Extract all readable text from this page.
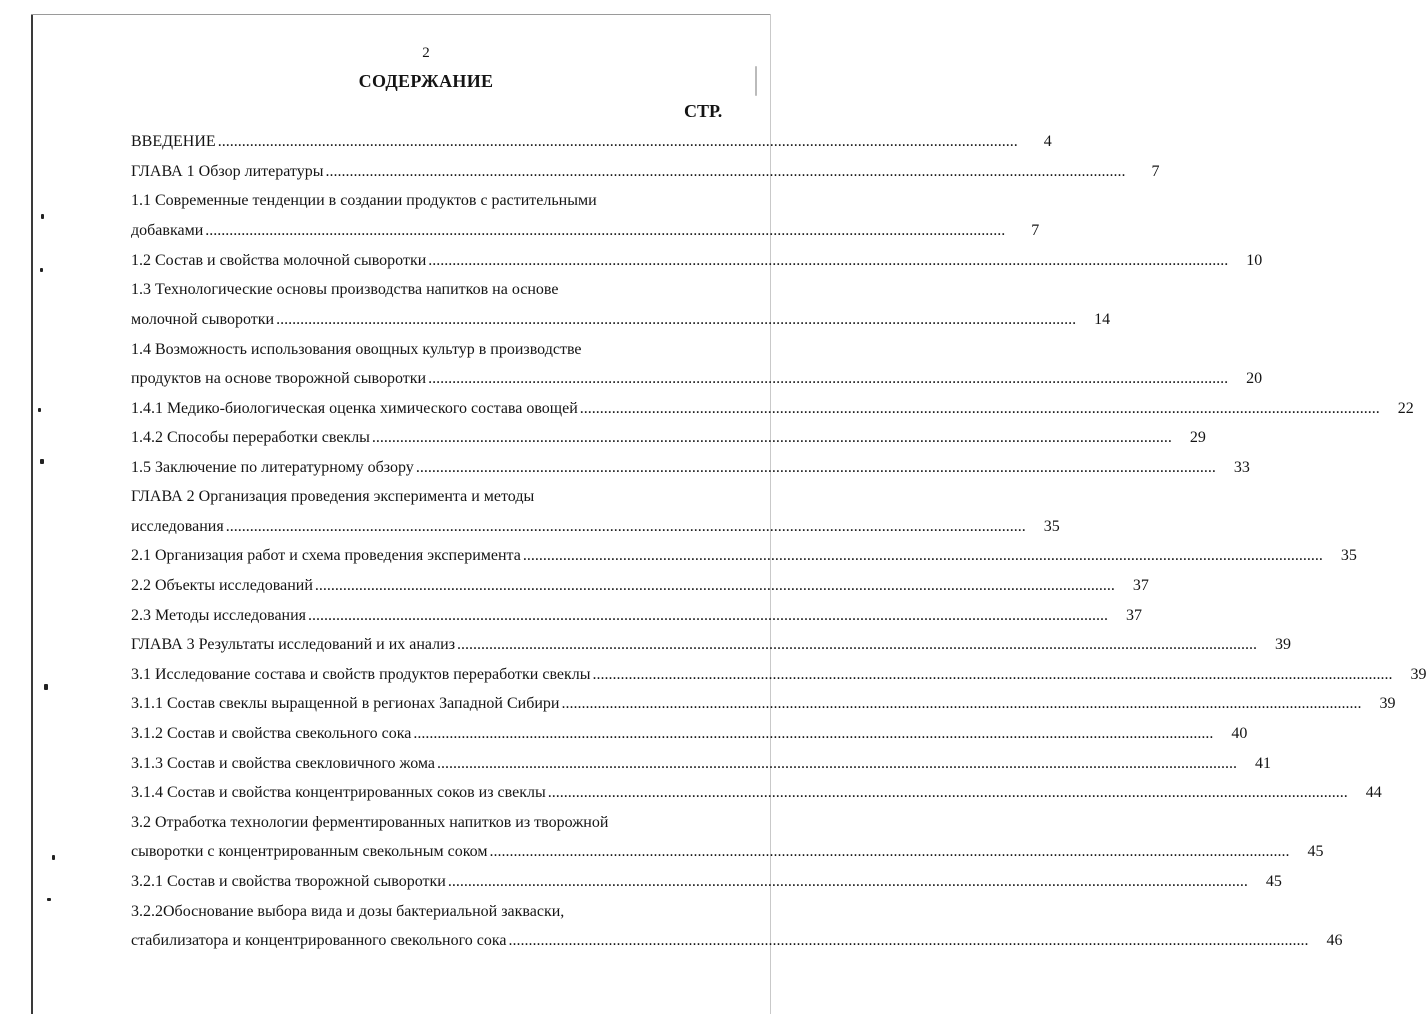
2
СОДЕРЖАНИЕ
СТР.
ВВЕДЕНИЕ ........................................................................................................................................................................................................	4
ГЛАВА 1 Обзор литературы ........................................................................................................................................................................................................	7
1.1 Современные тенденции в создании продуктов с растительными
добавками ........................................................................................................................................................................................................	7
1.2 Состав и свойства молочной сыворотки ........................................................................................................................................................................................................	10
1.3 Технологические основы производства напитков на основе
молочной сыворотки ........................................................................................................................................................................................................	14
1.4 Возможность использования овощных культур в производстве
продуктов на основе творожной сыворотки ........................................................................................................................................................................................................	20
1.4.1 Медико-биологическая оценка химического состава овощей ........................................................................................................................................................................................................	22
1.4.2 Способы переработки свеклы ........................................................................................................................................................................................................	29
1.5 Заключение по литературному обзору ........................................................................................................................................................................................................	33
ГЛАВА 2 Организация проведения эксперимента и методы
исследования ........................................................................................................................................................................................................	35
2.1 Организация работ и схема проведения эксперимента ........................................................................................................................................................................................................	35
2.2 Объекты исследований ........................................................................................................................................................................................................	37
2.3 Методы исследования ........................................................................................................................................................................................................	37
ГЛАВА 3 Результаты исследований и их анализ ........................................................................................................................................................................................................	39
3.1 Исследование состава и свойств продуктов переработки свеклы ........................................................................................................................................................................................................	39
3.1.1 Состав свеклы выращенной в регионах Западной Сибири ........................................................................................................................................................................................................	39
3.1.2 Состав и свойства свекольного сока ........................................................................................................................................................................................................	40
3.1.3 Состав и свойства свекловичного жома ........................................................................................................................................................................................................	41
3.1.4 Состав и свойства концентрированных соков из свеклы ........................................................................................................................................................................................................	44
3.2 Отработка технологии ферментированных напитков из творожной
сыворотки с концентрированным свекольным соком ........................................................................................................................................................................................................	45
3.2.1 Состав и свойства творожной сыворотки ........................................................................................................................................................................................................	45
3.2.2Обоснование выбора вида и дозы бактериальной закваски,
стабилизатора и концентрированного свекольного сока ........................................................................................................................................................................................................	46
